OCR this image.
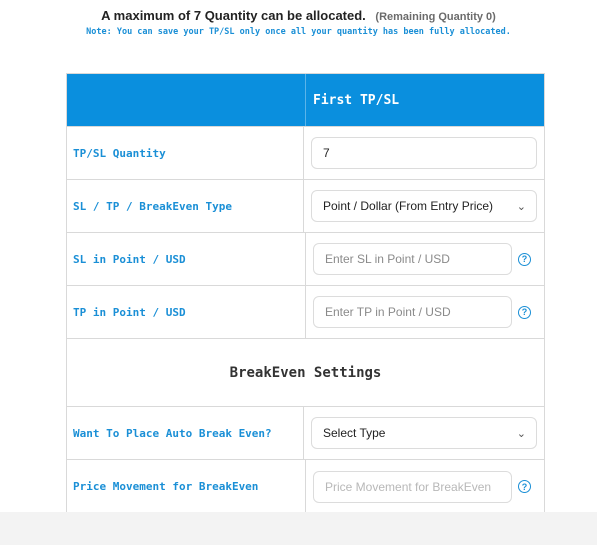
A maximum of 7 Quantity can be allocated. (Remaining Quantity 0)
Note: You can save your TP/SL only once all your quantity has been fully allocated.
First TP/SL
TP/SL Quantity	7
SL / TP / BreakEven Type	Point / Dollar (From Entry Price) ⌄
SL in Point / USD	Enter SL in Point / USD	?
TP in Point / USD	Enter TP in Point / USD	?
BreakEven Settings
Want To Place Auto Break Even?	Select Type	⌄
Price Movement for BreakEven	Price Movement for BreakEven	?
